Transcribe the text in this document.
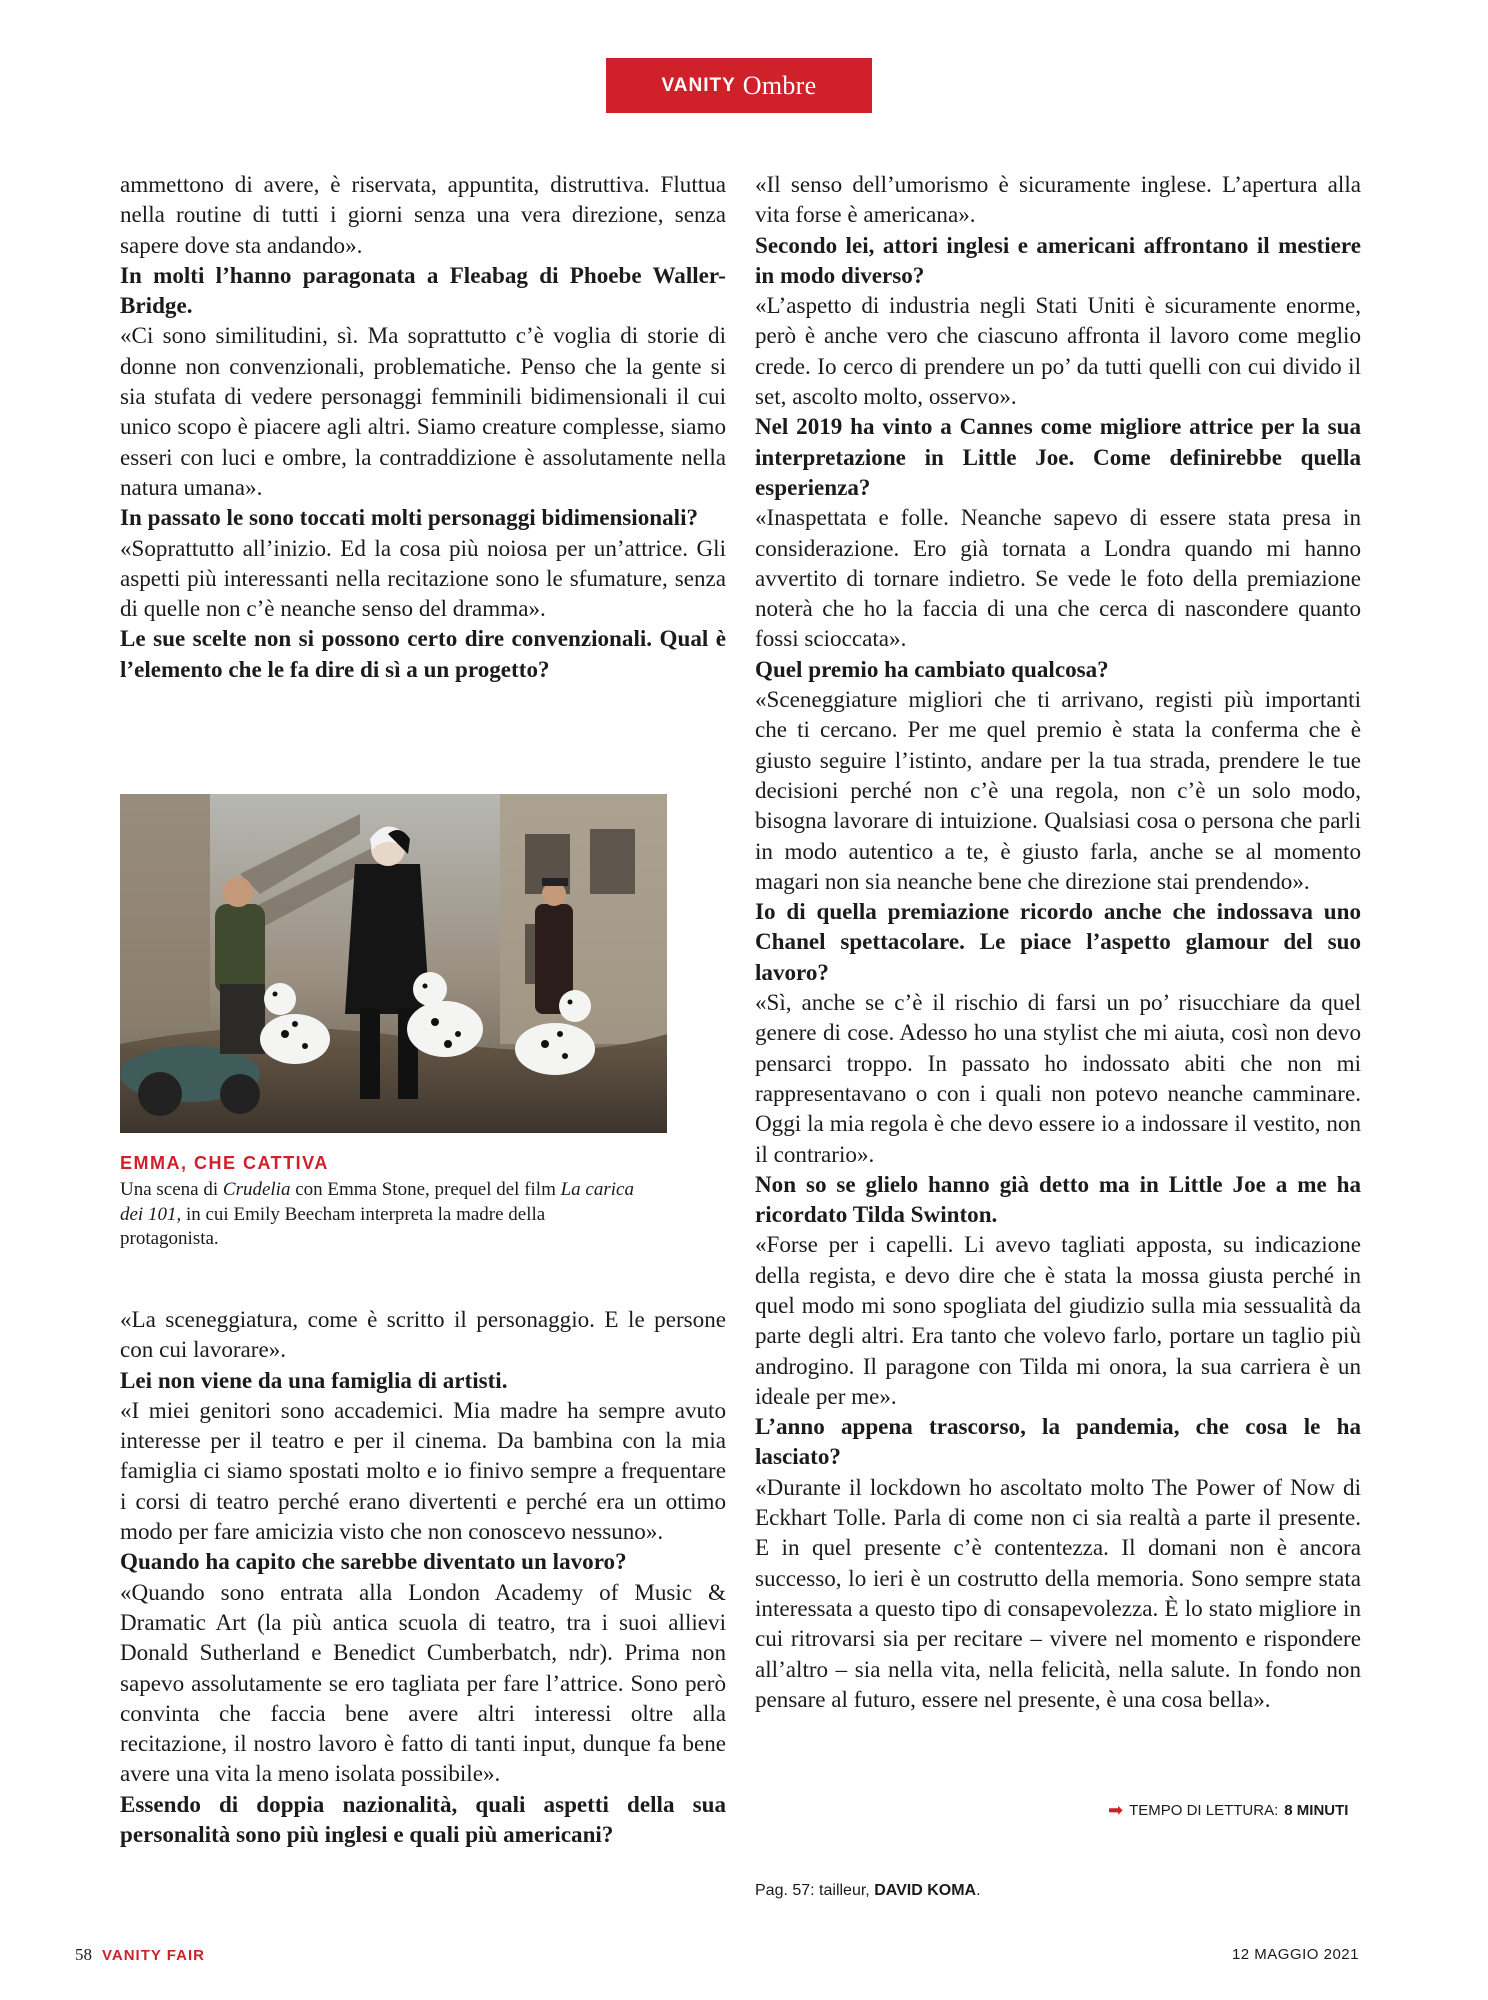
VANITY Ombre

ammettono di avere, è riservata, appuntita, distruttiva. Fluttua nella routine di tutti i giorni senza una vera direzione, senza sapere dove sta andando».

In molti l’hanno paragonata a Fleabag di Phoebe Waller-Bridge.

«Ci sono similitudini, sì. Ma soprattutto c’è voglia di storie di donne non convenzionali, problematiche. Penso che la gente si sia stufata di vedere personaggi femminili bidimensionali il cui unico scopo è piacere agli altri. Siamo creature complesse, siamo esseri con luci e ombre, la contraddizione è assolutamente nella natura umana».

In passato le sono toccati molti personaggi bidimensionali?

«Soprattutto all’inizio. Ed la cosa più noiosa per un’attrice. Gli aspetti più interessanti nella recitazione sono le sfumature, senza di quelle non c’è neanche senso del dramma».

Le sue scelte non si possono certo dire convenzionali. Qual è l’elemento che le fa dire di sì a un progetto?

EMMA, CHE CATTIVA
Una scena di Crudelia con Emma Stone, prequel del film La carica dei 101, in cui Emily Beecham interpreta la madre della protagonista.

«La sceneggiatura, come è scritto il personaggio. E le persone con cui lavorare».

Lei non viene da una famiglia di artisti.

«I miei genitori sono accademici. Mia madre ha sempre avuto interesse per il teatro e per il cinema. Da bambina con la mia famiglia ci siamo spostati molto e io finivo sempre a frequentare i corsi di teatro perché erano divertenti e perché era un ottimo modo per fare amicizia visto che non conoscevo nessuno».

Quando ha capito che sarebbe diventato un lavoro?

«Quando sono entrata alla London Academy of Music & Dramatic Art (la più antica scuola di teatro, tra i suoi allievi Donald Sutherland e Benedict Cumberbatch, ndr). Prima non sapevo assolutamente se ero tagliata per fare l’attrice. Sono però convinta che faccia bene avere altri interessi oltre alla recitazione, il nostro lavoro è fatto di tanti input, dunque fa bene avere una vita la meno isolata possibile».

Essendo di doppia nazionalità, quali aspetti della sua personalità sono più inglesi e quali più americani?

«Il senso dell’umorismo è sicuramente inglese. L’apertura alla vita forse è americana».

Secondo lei, attori inglesi e americani affrontano il mestiere in modo diverso?

«L’aspetto di industria negli Stati Uniti è sicuramente enorme, però è anche vero che ciascuno affronta il lavoro come meglio crede. Io cerco di prendere un po’ da tutti quelli con cui divido il set, ascolto molto, osservo».

Nel 2019 ha vinto a Cannes come migliore attrice per la sua interpretazione in Little Joe. Come definirebbe quella esperienza?

«Inaspettata e folle. Neanche sapevo di essere stata presa in considerazione. Ero già tornata a Londra quando mi hanno avvertito di tornare indietro. Se vede le foto della premiazione noterà che ho la faccia di una che cerca di nascondere quanto fossi scioccata».

Quel premio ha cambiato qualcosa?

«Sceneggiature migliori che ti arrivano, registi più importanti che ti cercano. Per me quel premio è stata la conferma che è giusto seguire l’istinto, andare per la tua strada, prendere le tue decisioni perché non c’è una regola, non c’è un solo modo, bisogna lavorare di intuizione. Qualsiasi cosa o persona che parli in modo autentico a te, è giusto farla, anche se al momento magari non sia neanche bene che direzione stai prendendo».

Io di quella premiazione ricordo anche che indossava uno Chanel spettacolare. Le piace l’aspetto glamour del suo lavoro?

«Sì, anche se c’è il rischio di farsi un po’ risucchiare da quel genere di cose. Adesso ho una stylist che mi aiuta, così non devo pensarci troppo. In passato ho indossato abiti che non mi rappresentavano o con i quali non potevo neanche camminare. Oggi la mia regola è che devo essere io a indossare il vestito, non il contrario».

Non so se glielo hanno già detto ma in Little Joe a me ha ricordato Tilda Swinton.

«Forse per i capelli. Li avevo tagliati apposta, su indicazione della regista, e devo dire che è stata la mossa giusta perché in quel modo mi sono spogliata del giudizio sulla mia sessualità da parte degli altri. Era tanto che volevo farlo, portare un taglio più androgino. Il paragone con Tilda mi onora, la sua carriera è un ideale per me».

L’anno appena trascorso, la pandemia, che cosa le ha lasciato?

«Durante il lockdown ho ascoltato molto The Power of Now di Eckhart Tolle. Parla di come non ci sia realtà a parte il presente. E in quel presente c’è contentezza. Il domani non è ancora successo, lo ieri è un costrutto della memoria. Sono sempre stata interessata a questo tipo di consapevolezza. È lo stato migliore in cui ritrovarsi sia per recitare – vivere nel momento e rispondere all’altro – sia nella vita, nella felicità, nella salute. In fondo non pensare al futuro, essere nel presente, è una cosa bella».

➡ TEMPO DI LETTURA: 8 MINUTI
Pag. 57: tailleur, DAVID KOMA.
58 VANITY FAIR	12 MAGGIO 2021
